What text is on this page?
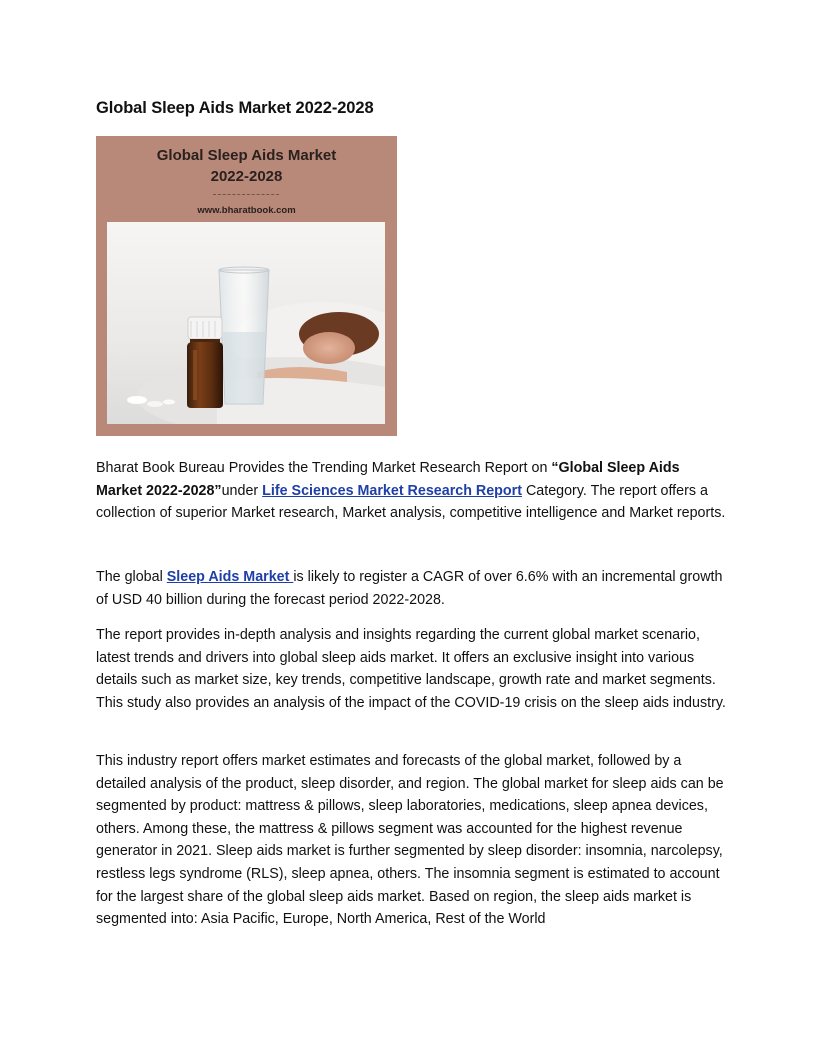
Global Sleep Aids Market 2022-2028
Global Sleep Aids Market
2022-2028
www.bharatbook.com

Bharat Book Bureau Provides the Trending Market Research Report on “Global Sleep Aids Market 2022-2028”under Life Sciences Market Research Report Category. The report offers a collection of superior Market research, Market analysis, competitive intelligence and Market reports.

The global Sleep Aids Market is likely to register a CAGR of over 6.6% with an incremental growth of USD 40 billion during the forecast period 2022-2028.

The report provides in-depth analysis and insights regarding the current global market scenario, latest trends and drivers into global sleep aids market. It offers an exclusive insight into various details such as market size, key trends, competitive landscape, growth rate and market segments. This study also provides an analysis of the impact of the COVID-19 crisis on the sleep aids industry.

This industry report offers market estimates and forecasts of the global market, followed by a detailed analysis of the product, sleep disorder, and region. The global market for sleep aids can be segmented by product: mattress & pillows, sleep laboratories, medications, sleep apnea devices, others. Among these, the mattress & pillows segment was accounted for the highest revenue generator in 2021. Sleep aids market is further segmented by sleep disorder: insomnia, narcolepsy, restless legs syndrome (RLS), sleep apnea, others. The insomnia segment is estimated to account for the largest share of the global sleep aids market. Based on region, the sleep aids market is segmented into: Asia Pacific, Europe, North America, Rest of the World
